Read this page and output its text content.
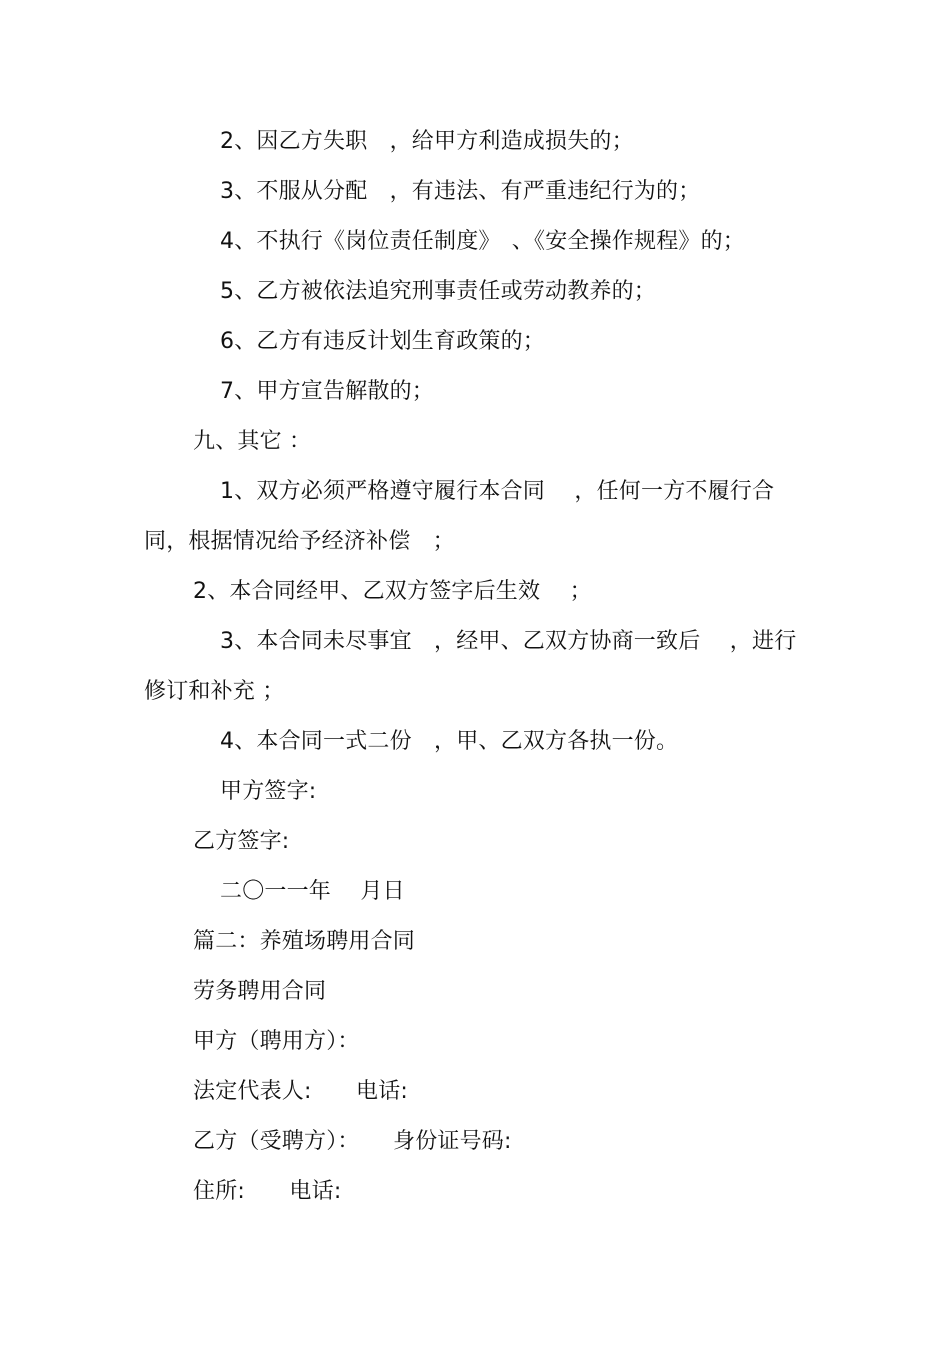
2、因乙方失职　，给甲方利造成损失的；
3、不服从分配　，有违法、有严重违纪行为的；
4、不执行《岗位责任制度》　、《安全操作规程》的；
5、乙方被依法追究刑事责任或劳动教养的；
6、乙方有违反计划生育政策的；
7、甲方宣告解散的；
九、其它 ：
1、双方必须严格遵守履行本合同　 ，任何一方不履行合
同，根据情况给予经济补偿　；
2、本合同经甲、乙双方签字后生效　 ；
3、本合同未尽事宜　，经甲、乙双方协商一致后　 ，进行
修订和补充 ；
4、本合同一式二份　，甲、乙双方各执一份。
甲方签字:
乙方签字:
二〇一一年　 月日
篇二：养殖场聘用合同
劳务聘用合同
甲方（聘用方）：
法定代表人:　　电话:
乙方（受聘方）：　　身份证号码:
住所:　　电话:
